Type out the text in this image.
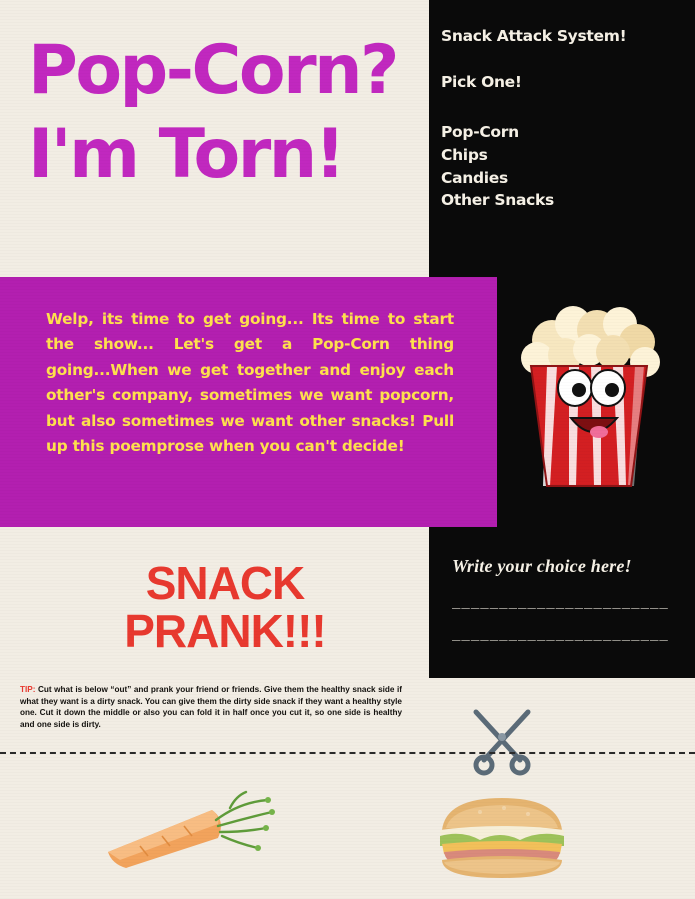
Snack Attack System!
Pick One!
Pop-Corn
Chips
Candies
Other Snacks
Write your choice here!
_______________________
_______________________
Pop-Corn?
I'm Torn!
Welp, its time to get going... Its time to start the show... Let's get a Pop-Corn thing going...When we get together and enjoy each other's company, sometimes we want popcorn, but also sometimes we want other snacks! Pull up this poemprose when you can't decide!
SNACK
PRANK!!!
TIP: Cut what is below “out” and prank your friend or friends. Give them the healthy snack side if what they want is a dirty snack. You can give them the dirty side snack if they want a healthy style one. Cut it down the middle or also you can fold it in half once you cut it, so one side is healthy and one side is dirty.
